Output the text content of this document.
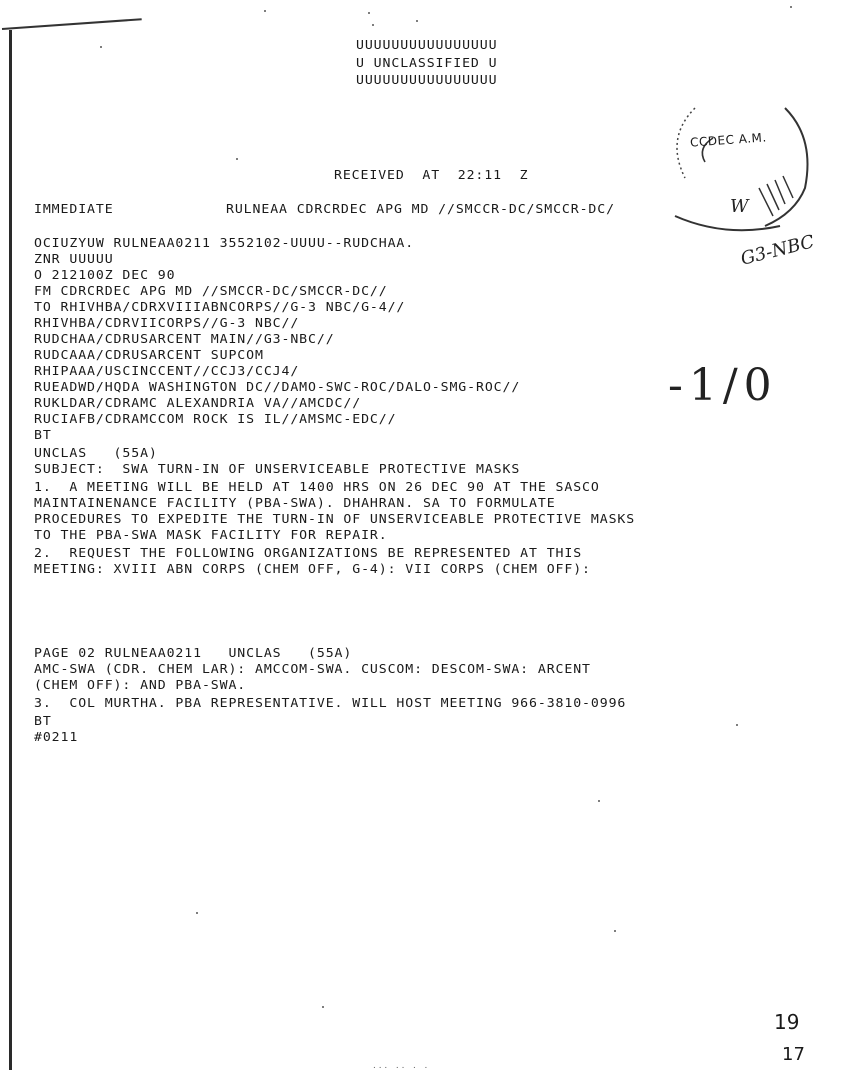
UUUUUUUUUUUUUUUU
U UNCLASSIFIED U
UUUUUUUUUUUUUUUU
RECEIVED  AT  22:11  Z
CCDEC A.M.
G3-NBC
W
-1/0
IMMEDIATE	RULNEAA CDRCRDEC APG MD //SMCCR-DC/SMCCR-DC/
OCIUZYUW RULNEAA0211 3552102-UUUU--RUDCHAA.
ZNR UUUUU
O 212100Z DEC 90
FM CDRCRDEC APG MD //SMCCR-DC/SMCCR-DC//
TO RHIVHBA/CDRXVIIIABNCORPS//G-3 NBC/G-4//
RHIVHBA/CDRVIICORPS//G-3 NBC//
RUDCHAA/CDRUSARCENT MAIN//G3-NBC//
RUDCAAA/CDRUSARCENT SUPCOM
RHIPAAA/USCINCCENT//CCJ3/CCJ4/
RUEADWD/HQDA WASHINGTON DC//DAMO-SWC-ROC/DALO-SMG-ROC//
RUKLDAR/CDRAMC ALEXANDRIA VA//AMCDC//
RUCIAFB/CDRAMCCOM ROCK IS IL//AMSMC-EDC//
BT
UNCLAS   (55A)
SUBJECT:  SWA TURN-IN OF UNSERVICEABLE PROTECTIVE MASKS
1.  A MEETING WILL BE HELD AT 1400 HRS ON 26 DEC 90 AT THE SASCO
MAINTAINENANCE FACILITY (PBA-SWA). DHAHRAN. SA TO FORMULATE
PROCEDURES TO EXPEDITE THE TURN-IN OF UNSERVICEABLE PROTECTIVE MASKS
TO THE PBA-SWA MASK FACILITY FOR REPAIR.
2.  REQUEST THE FOLLOWING ORGANIZATIONS BE REPRESENTED AT THIS
MEETING: XVIII ABN CORPS (CHEM OFF, G-4): VII CORPS (CHEM OFF):
PAGE 02 RULNEAA0211   UNCLAS   (55A)
AMC-SWA (CDR. CHEM LAR): AMCCOM-SWA. CUSCOM: DESCOM-SWA: ARCENT
(CHEM OFF): AND PBA-SWA.
3.  COL MURTHA. PBA REPRESENTATIVE. WILL HOST MEETING 966-3810-0996
BT
#0211
19
17
... .. . .
